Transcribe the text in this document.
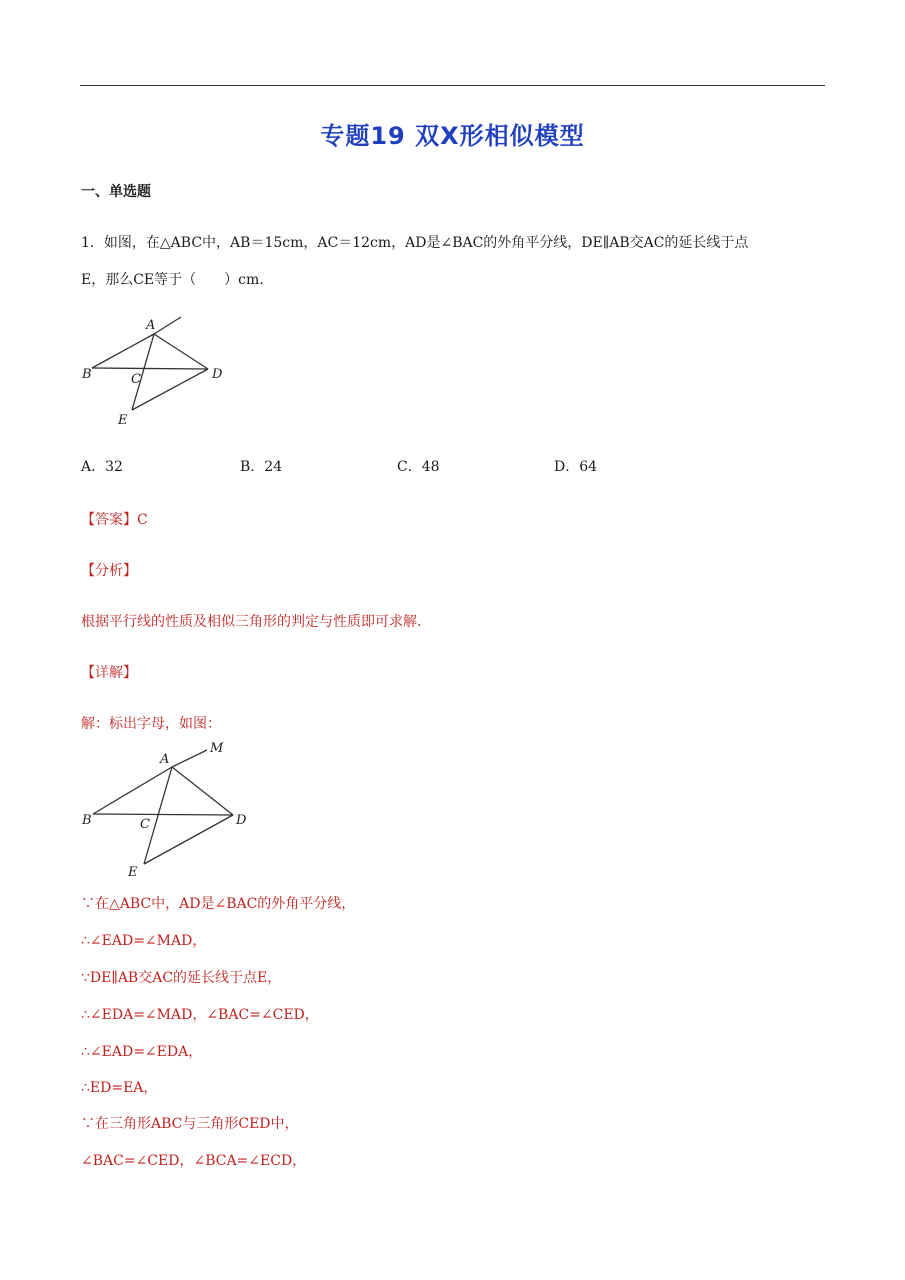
专题19 双X形相似模型
一、单选题
1．如图，在△ABC中，AB＝15cm，AC＝12cm，AD是∠BAC的外角平分线，DE∥AB交AC的延长线于点
E，那么CE等于（　　）cm.
A
B	C	D
E
A．32	B．24	C．48	D．64
【答案】C
【分析】
根据平行线的性质及相似三角形的判定与性质即可求解.
【详解】
解：标出字母，如图：
A
M
B	C	D
E
∵在△ABC中，AD是∠BAC的外角平分线，
∴∠EAD=∠MAD，
∵DE∥AB交AC的延长线于点E，
∴∠EDA=∠MAD，∠BAC=∠CED，
∴∠EAD=∠EDA，
∴ED=EA，
∵在三角形ABC与三角形CED中，
∠BAC=∠CED，∠BCA=∠ECD，
